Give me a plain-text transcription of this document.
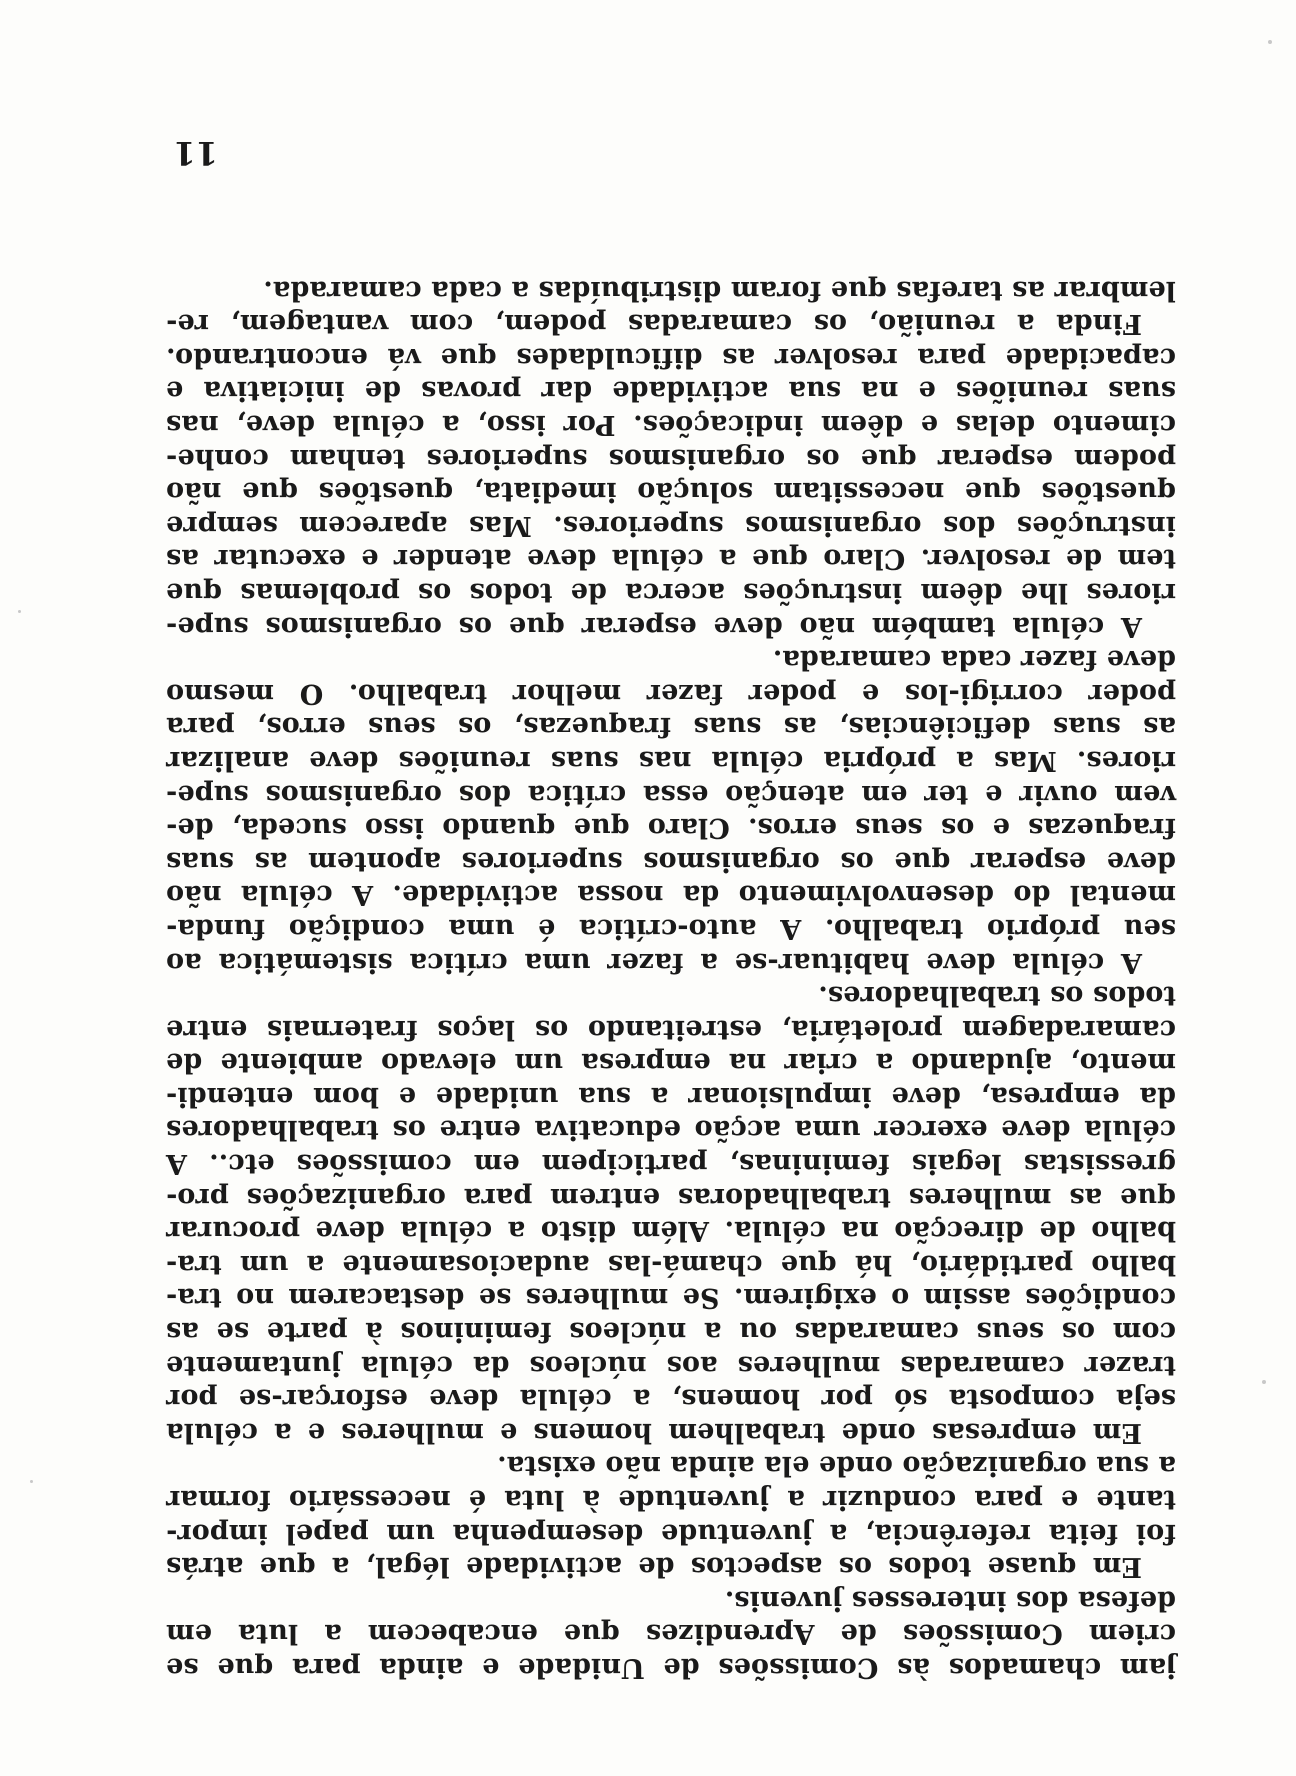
jam chamados às Comissões de Unidade e ainda para que se
criem Comissões de Aprendizes que encabecem a luta em
defesa dos interesses juvenis.
Em quase todos os aspectos de actividade légal, a que atrás
foi feita referência, a juventude desempenha um papel impor-
tante e para conduzir a juventude à luta é necessário formar
a sua organização onde ela ainda não exista.
Em empresas onde trabalhem homens e mulheres e a célula
seja composta só por homens, a célula deve esforçar-se por
trazer camaradas mulheres aos núcleos da célula juntamente
com os seus camaradas ou a núcleos femininos à parte se as
condições assim o exigirem. Se mulheres se destacarem no tra-
balho partidário, há que chamá-las audaciosamente a um tra-
balho de direcção na célula. Além disto a célula deve procurar
que as mulheres trabalhadoras entrem para organizações pro-
gressistas legais femininas, participem em comissões etc.. A
célula deve exercer uma acção educativa entre os trabalhadores
da empresa, deve impulsionar a sua unidade e bom entendi-
mento, ajudando a criar na empresa um elevado ambiente de
camaradagem proletária, estreitando os laços fraternais entre
todos os trabalhadores.
A célula deve habituar-se a fazer uma crítica sistemática ao
seu próprio trabalho. A auto-crítica é uma condição funda-
mental do desenvolvimento da nossa actividade. A célula não
deve esperar que os organismos superiores apontem as suas
fraquezas e os seus erros. Claro que quando isso suceda, de-
vem ouvir e ter em atenção essa crítica dos organismos supe-
riores. Mas a própria célula nas suas reuniões deve analizar
as suas deficiências, as suas fraquezas, os seus erros, para
poder corrigi-los e poder fazer melhor trabalho. O mesmo
deve fazer cada camarada.
A célula também não deve esperar que os organismos supe-
riores lhe dêem instruções acerca de todos os problemas que
tem de resolver. Claro que a célula deve atender e executar as
instruções dos organismos superiores. Mas aparecem sempre
questões que necessitam solução imediata, questões que não
podem esperar que os organismos superiores tenham conhe-
cimento delas e dêem indicações. Por isso, a célula deve, nas
suas reuniões e na sua actividade dar provas de iniciativa e
capacidade para resolver as dificuldades que vá encontrando.
Finda a reunião, os camaradas podem, com vantagem, re-
lembrar as tarefas que foram distribuídas a cada camarada.
11
